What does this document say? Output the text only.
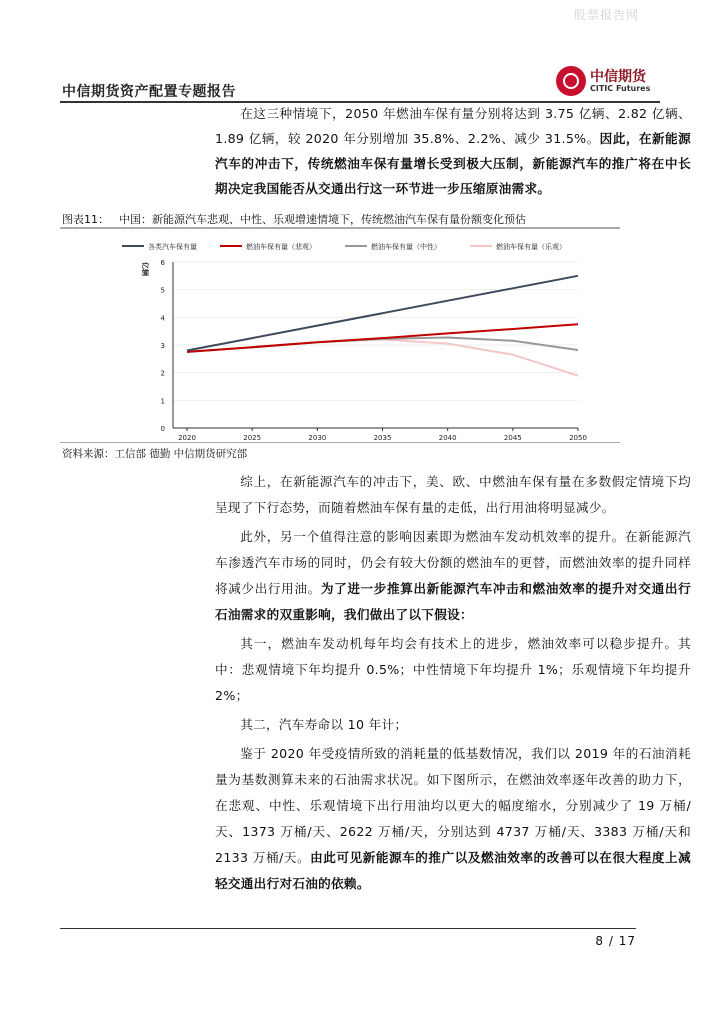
股票报告网
中信期货资产配置专题报告
中信期货
CITIC Futures

在这三种情境下，2050 年燃油车保有量分别将达到 3.75 亿辆、2.82 亿辆、1.89 亿辆，较 2020 年分别增加 35.8%、2.2%、减少 31.5%。因此，在新能源汽车的冲击下，传统燃油车保有量增长受到极大压制，新能源汽车的推广将在中长期决定我国能否从交通出行这一环节进一步压缩原油需求。

图表11： 中国：新能源汽车悲观、中性、乐观增速情境下，传统燃油汽车保有量份额变化预估
0
1
2
3
4
5
6
2020	2025	2030	2035	2040	2045	2050
亿辆
各类汽车保有量	燃油车保有量（悲观）	燃油车保有量（中性）	燃油车保有量（乐观）
资料来源：工信部 德勤 中信期货研究部

综上，在新能源汽车的冲击下，美、欧、中燃油车保有量在多数假定情境下均呈现了下行态势，而随着燃油车保有量的走低，出行用油将明显减少。

此外，另一个值得注意的影响因素即为燃油车发动机效率的提升。在新能源汽车渗透汽车市场的同时，仍会有较大份额的燃油车的更替，而燃油效率的提升同样将减少出行用油。为了进一步推算出新能源汽车冲击和燃油效率的提升对交通出行石油需求的双重影响，我们做出了以下假设：

其一，燃油车发动机每年均会有技术上的进步，燃油效率可以稳步提升。其中：悲观情境下年均提升 0.5%；中性情境下年均提升 1%；乐观情境下年均提升 2%；

其二，汽车寿命以 10 年计；

鉴于 2020 年受疫情所致的消耗量的低基数情况，我们以 2019 年的石油消耗量为基数测算未来的石油需求状况。如下图所示，在燃油效率逐年改善的助力下，在悲观、中性、乐观情境下出行用油均以更大的幅度缩水，分别减少了 19 万桶/天、1373 万桶/天、2622 万桶/天，分别达到 4737 万桶/天、3383 万桶/天和 2133 万桶/天。由此可见新能源车的推广以及燃油效率的改善可以在很大程度上减轻交通出行对石油的依赖。

8 / 17
